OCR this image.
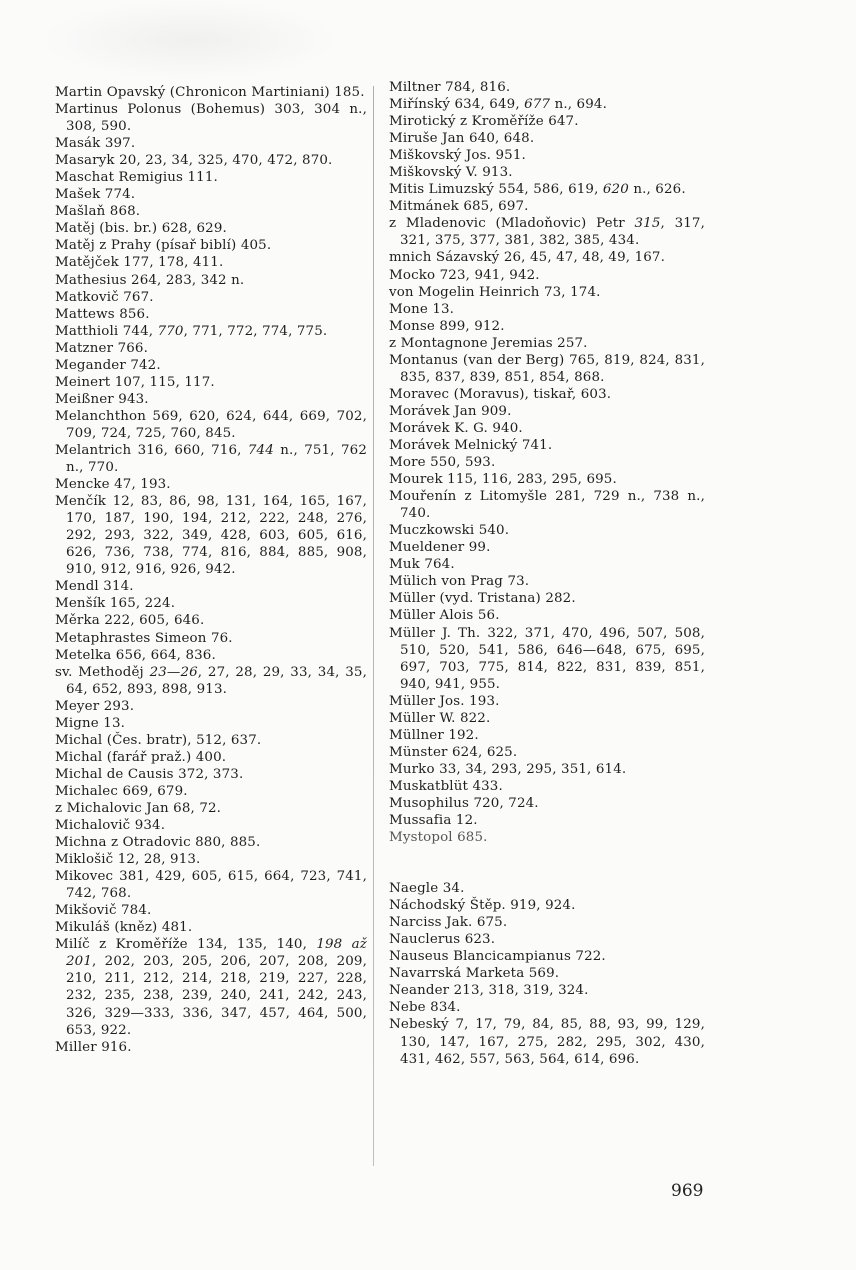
Martin Opavský (Chronicon Martiniani) 185.

Martinus Polonus (Bohemus) 303, 304 n., 308, 590.

Masák 397.

Masaryk 20, 23, 34, 325, 470, 472, 870.

Maschat Remigius 111.

Mašek 774.

Mašlaň 868.

Matěj (bis. br.) 628, 629.

Matěj z Prahy (písař biblí) 405.

Matějček 177, 178, 411.

Mathesius 264, 283, 342 n.

Matkovič 767.

Mattews 856.

Matthioli 744, 770, 771, 772, 774, 775.

Matzner 766.

Megander 742.

Meinert 107, 115, 117.

Meißner 943.

Melanchthon 569, 620, 624, 644, 669, 702, 709, 724, 725, 760, 845.

Melantrich 316, 660, 716, 744 n., 751, 762 n., 770.

Mencke 47, 193.

Menčík 12, 83, 86, 98, 131, 164, 165, 167, 170, 187, 190, 194, 212, 222, 248, 276, 292, 293, 322, 349, 428, 603, 605, 616, 626, 736, 738, 774, 816, 884, 885, 908, 910, 912, 916, 926, 942.

Mendl 314.

Menšík 165, 224.

Měrka 222, 605, 646.

Metaphrastes Simeon 76.

Metelka 656, 664, 836.

sv. Methoděj 23—26, 27, 28, 29, 33, 34, 35, 64, 652, 893, 898, 913.

Meyer 293.

Migne 13.

Michal (Čes. bratr), 512, 637.

Michal (farář praž.) 400.

Michal de Causis 372, 373.

Michalec 669, 679.

z Michalovic Jan 68, 72.

Michalovič 934.

Michna z Otradovic 880, 885.

Miklošič 12, 28, 913.

Mikovec 381, 429, 605, 615, 664, 723, 741, 742, 768.

Mikšovič 784.

Mikuláš (kněz) 481.

Milíč z Kroměříže 134, 135, 140, 198 až 201, 202, 203, 205, 206, 207, 208, 209, 210, 211, 212, 214, 218, 219, 227, 228, 232, 235, 238, 239, 240, 241, 242, 243, 326, 329—333, 336, 347, 457, 464, 500, 653, 922.

Miller 916.

Miltner 784, 816.

Miřínský 634, 649, 677 n., 694.

Mirotický z Kroměříže 647.

Miruše Jan 640, 648.

Miškovský Jos. 951.

Miškovský V. 913.

Mitis Limuzský 554, 586, 619, 620 n., 626.

Mitmánek 685, 697.

z Mladenovic (Mladoňovic) Petr 315, 317, 321, 375, 377, 381, 382, 385, 434.

mnich Sázavský 26, 45, 47, 48, 49, 167.

Mocko 723, 941, 942.

von Mogelin Heinrich 73, 174.

Mone 13.

Monse 899, 912.

z Montagnone Jeremias 257.

Montanus (van der Berg) 765, 819, 824, 831, 835, 837, 839, 851, 854, 868.

Moravec (Moravus), tiskař, 603.

Morávek Jan 909.

Morávek K. G. 940.

Morávek Melnický 741.

More 550, 593.

Mourek 115, 116, 283, 295, 695.

Mouřenín z Litomyšle 281, 729 n., 738 n., 740.

Muczkowski 540.

Mueldener 99.

Muk 764.

Mülich von Prag 73.

Müller (vyd. Tristana) 282.

Müller Alois 56.

Müller J. Th. 322, 371, 470, 496, 507, 508, 510, 520, 541, 586, 646—648, 675, 695, 697, 703, 775, 814, 822, 831, 839, 851, 940, 941, 955.

Müller Jos. 193.

Müller W. 822.

Müllner 192.

Münster 624, 625.

Murko 33, 34, 293, 295, 351, 614.

Muskatblüt 433.

Musophilus 720, 724.

Mussafia 12.

Mystopol 685.

Naegle 34.

Náchodský Štěp. 919, 924.

Narciss Jak. 675.

Nauclerus 623.

Nauseus Blancicampianus 722.

Navarrská Marketa 569.

Neander 213, 318, 319, 324.

Nebe 834.

Nebeský 7, 17, 79, 84, 85, 88, 93, 99, 129, 130, 147, 167, 275, 282, 295, 302, 430, 431, 462, 557, 563, 564, 614, 696.

969
